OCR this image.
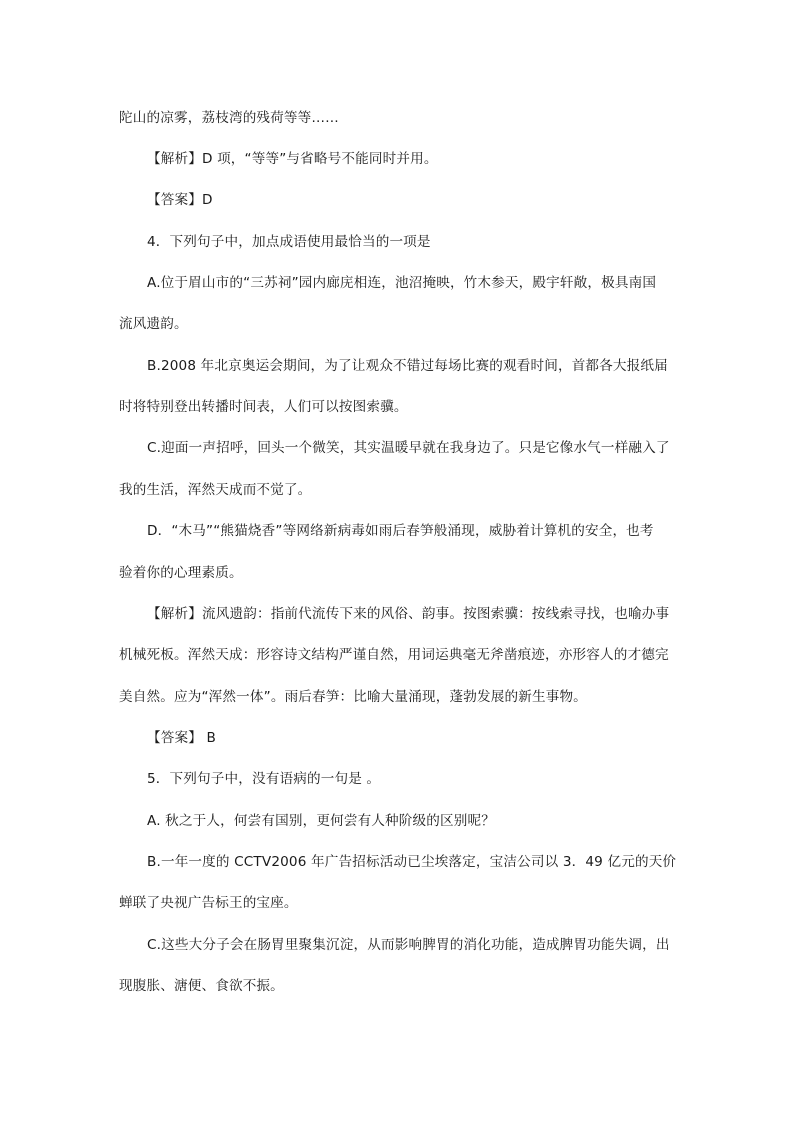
陀山的凉雾，荔枝湾的残荷等等……
【解析】D 项，“等等”与省略号不能同时并用。
【答案】D
4．下列句子中，加点成语使用最恰当的一项是
A.位于眉山市的“三苏祠”园内廊庑相连，池沼掩映，竹木参天，殿宇轩敞，极具南国
流风遗韵。
B.2008 年北京奥运会期间，为了让观众不错过每场比赛的观看时间，首都各大报纸届
时将特别登出转播时间表，人们可以按图索骥。
C.迎面一声招呼，回头一个微笑，其实温暖早就在我身边了。只是它像水气一样融入了
我的生活，浑然天成而不觉了。
D．“木马”“熊猫烧香”等网络新病毒如雨后春笋般涌现，威胁着计算机的安全，也考
验着你的心理素质。
【解析】流风遗韵：指前代流传下来的风俗、韵事。按图索骥：按线索寻找，也喻办事
机械死板。浑然天成：形容诗文结构严谨自然，用词运典毫无斧凿痕迹，亦形容人的才德完
美自然。应为“浑然一体”。雨后春笋：比喻大量涌现，蓬勃发展的新生事物。
【答案】 B
5．下列句子中，没有语病的一句是 。
A. 秋之于人，何尝有国别，更何尝有人种阶级的区别呢？
B.一年一度的 CCTV2006 年广告招标活动已尘埃落定，宝洁公司以 3．49 亿元的天价
蝉联了央视广告标王的宝座。
C.这些大分子会在肠胃里聚集沉淀，从而影响脾胃的消化功能，造成脾胃功能失调，出
现腹胀、溏便、食欲不振。
